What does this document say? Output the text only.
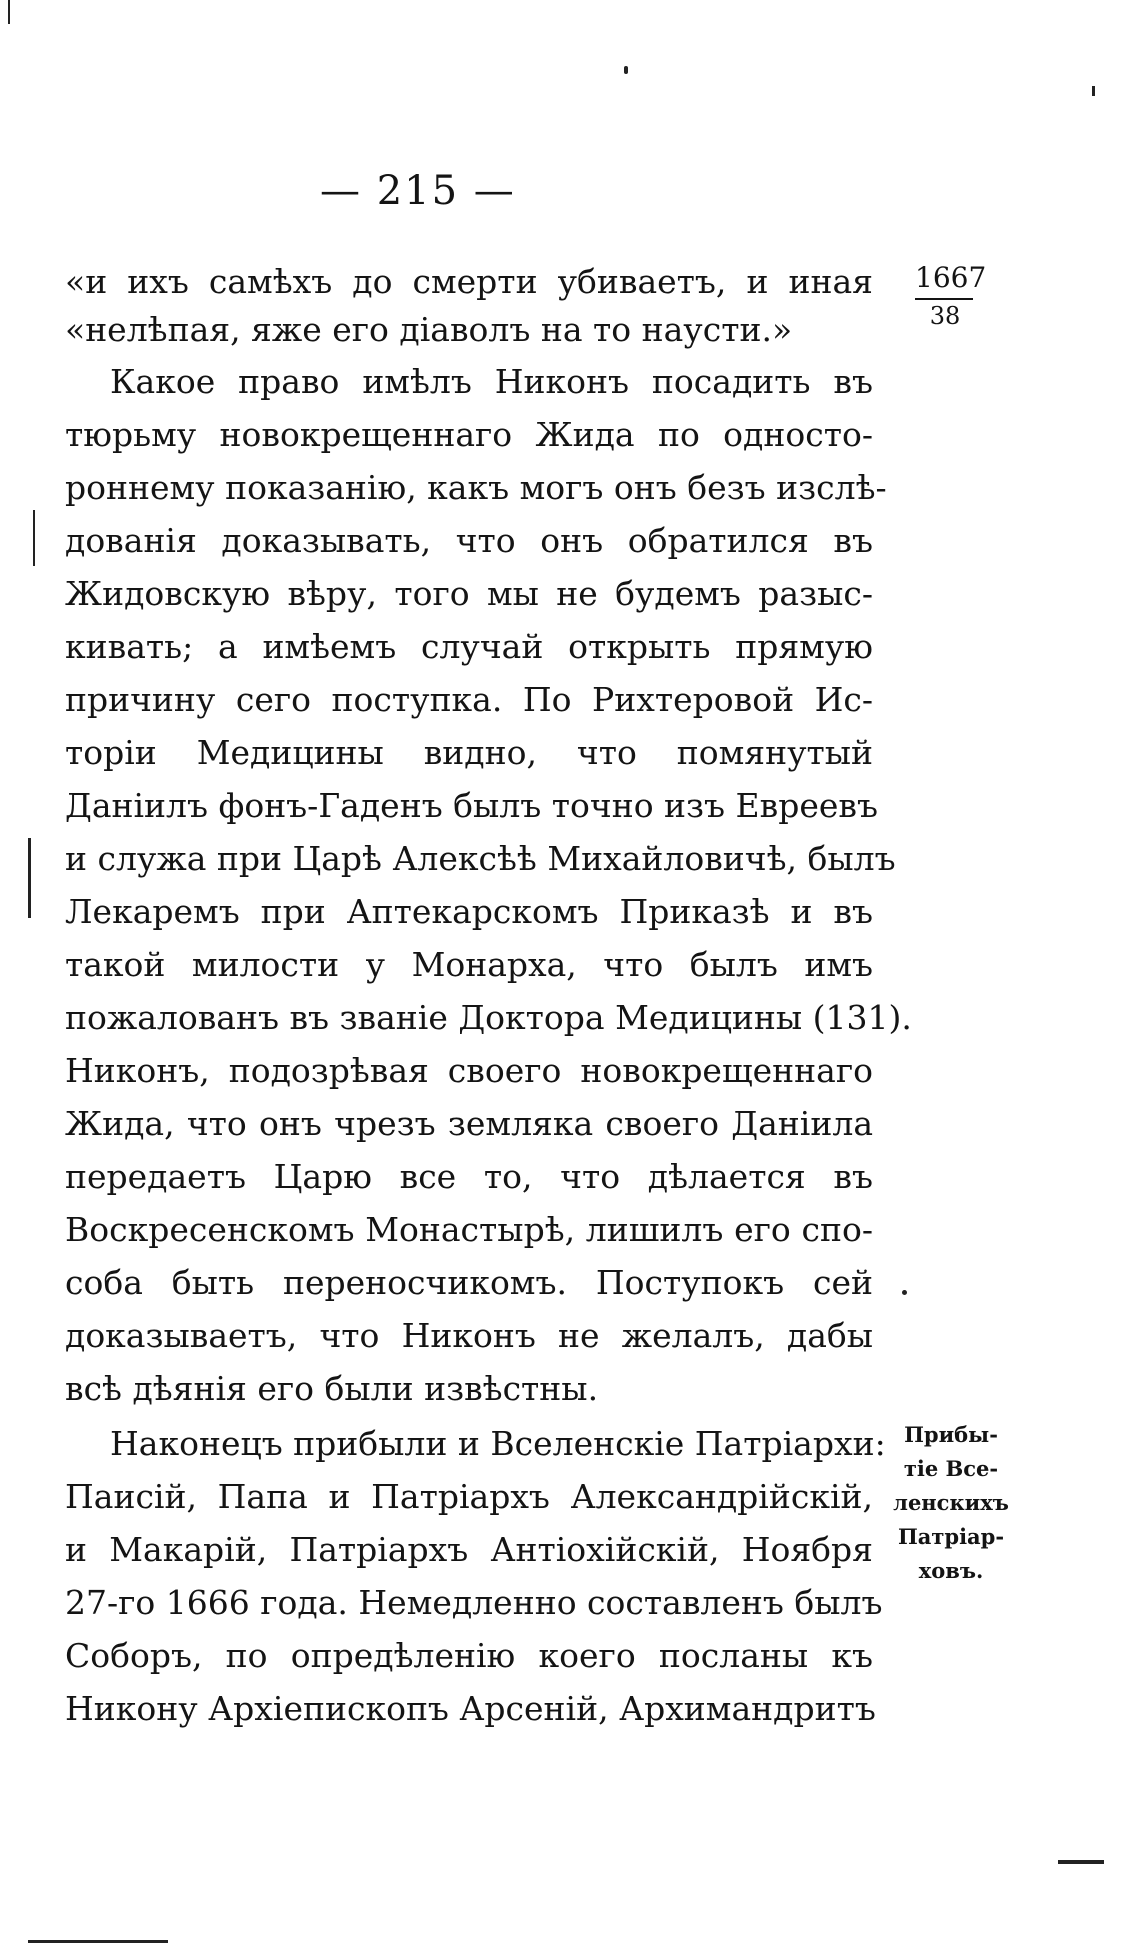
— 215 —
1667
38
«и ихъ самѣхъ до смерти убиваетъ, и иная
«нелѣпая, яже его діаволъ на то наусти.»
Какое право имѣлъ Никонъ посадить въ
тюрьму новокрещеннаго Жида по односто-
роннему показанію, какъ могъ онъ безъ изслѣ-
дованія доказывать, что онъ обратился въ
Жидовскую вѣру, того мы не будемъ разыс-
кивать; а имѣемъ случай открыть прямую
причину сего поступка. По Рихтеровой Ис-
торіи Медицины видно, что помянутый
Даніилъ фонъ-Гаденъ былъ точно изъ Евреевъ
и служа при Царѣ Алексѣѣ Михайловичѣ, былъ
Лекаремъ при Аптекарскомъ Приказѣ и въ
такой милости у Монарха, что былъ имъ
пожалованъ въ званіе Доктора Медицины (131).
Никонъ, подозрѣвая своего новокрещеннаго
Жида, что онъ чрезъ земляка своего Даніила
передаетъ Царю все то, что дѣлается въ
Воскресенскомъ Монастырѣ, лишилъ его спо-
соба быть переносчикомъ. Поступокъ сей
доказываетъ, что Никонъ не желалъ, дабы
всѣ дѣянія его были извѣстны.
Наконецъ прибыли и Вселенскіе Патріархи:
Паисій, Папа и Патріархъ Александрійскій,
и Макарій, Патріархъ Антіохійскій, Ноября
27-го 1666 года. Немедленно составленъ былъ
Соборъ, по опредѣленію коего посланы къ
Никону Архіепископъ Арсеній, Архимандритъ
Прибы-
тіе Все-
ленскихъ
Патріар-
ховъ.
